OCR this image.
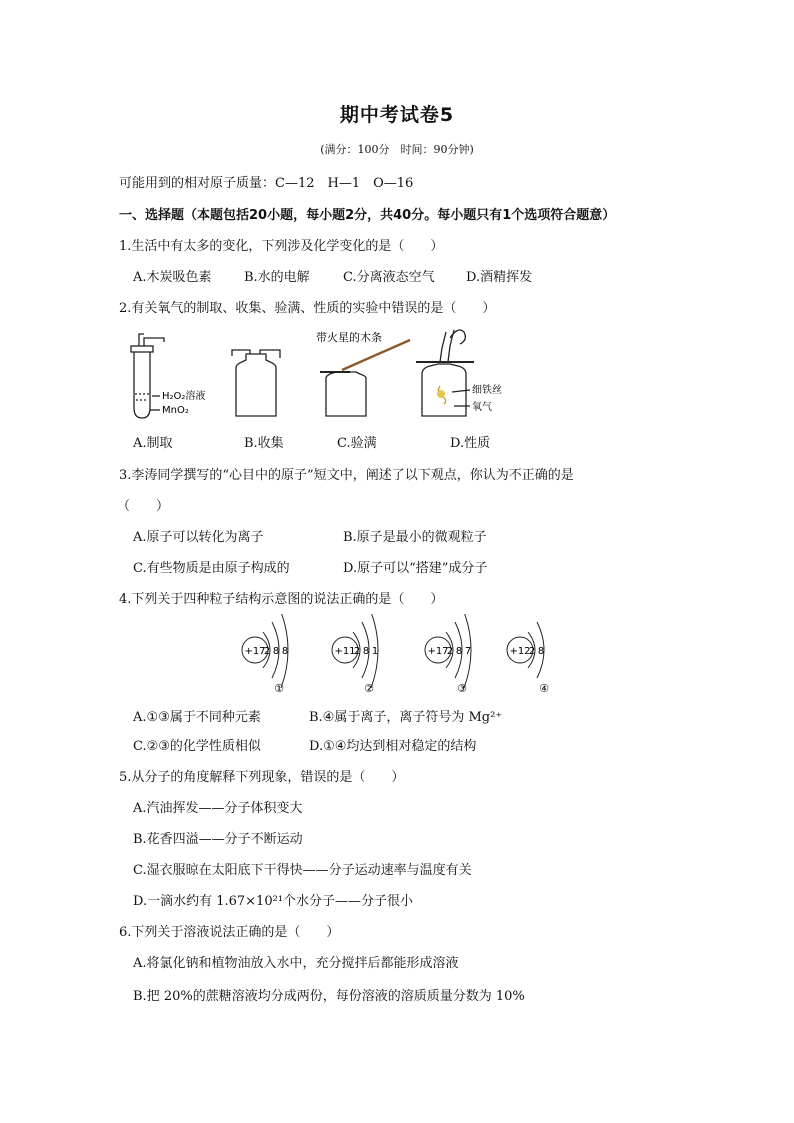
期中考试卷5
(满分：100分　时间：90分钟)
可能用到的相对原子质量：C—12　H—1　O—16
一、选择题（本题包括20小题，每小题2分，共40分。每小题只有1个选项符合题意）
1.生活中有太多的变化，下列涉及化学变化的是（　　）
A.木炭吸色素 B.水的电解	C.分离液态空气 D.酒精挥发
2.有关氧气的制取、收集、验满、性质的实验中错误的是（　　）
H₂O₂溶液
MnO₂
带火星的木条
细铁丝
氧气
A.制取	B.收集	C.验满	D.性质
3.李涛同学撰写的“心目中的原子”短文中，阐述了以下观点，你认为不正确的是
（　　）
A.原子可以转化为离子	B.原子是最小的微观粒子
C.有些物质是由原子构成的	D.原子可以“搭建”成分子
4.下列关于四种粒子结构示意图的说法正确的是（　　）
+17
2 8 8
①
+11
2 8 1
②
+17
2 8 7
③
+12
2 8
④
A.①③属于不同种元素	B.④属于离子，离子符号为 Mg²⁺
C.②③的化学性质相似	D.①④均达到相对稳定的结构
5.从分子的角度解释下列现象，错误的是（　　）
A.汽油挥发——分子体积变大
B.花香四溢——分子不断运动
C.湿衣服晾在太阳底下干得快——分子运动速率与温度有关
D.一滴水约有 1.67×10²¹个水分子——分子很小
6.下列关于溶液说法正确的是（　　）
A.将氯化钠和植物油放入水中，充分搅拌后都能形成溶液
B.把 20%的蔗糖溶液均分成两份，每份溶液的溶质质量分数为 10%
